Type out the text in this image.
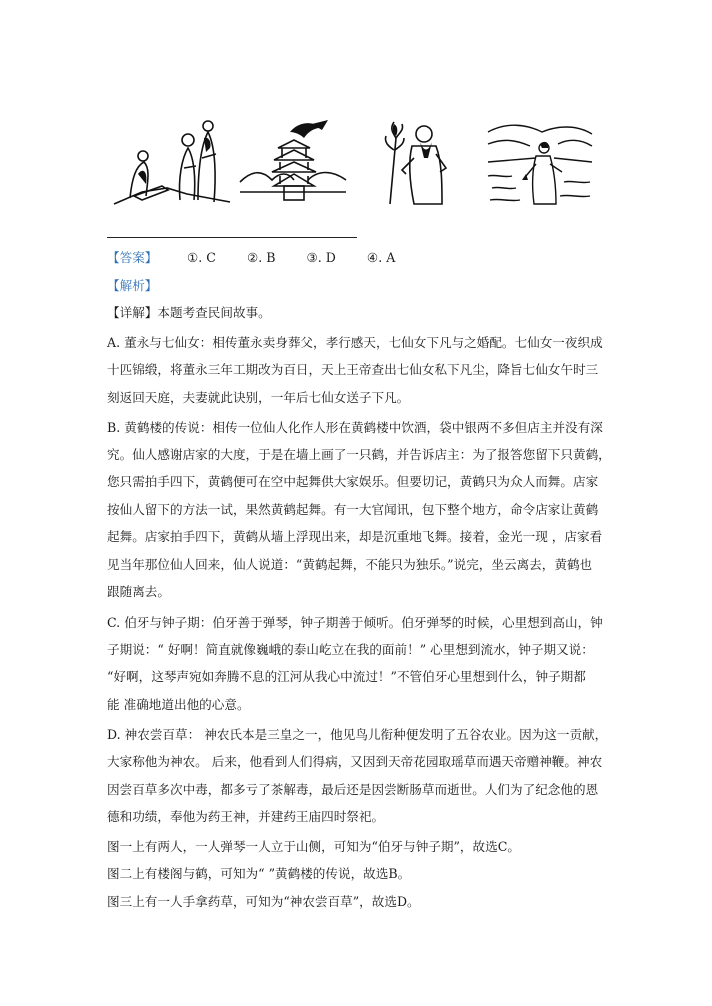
【答案】 ①. C ②. B ③. D ④. A
【解析】
【详解】本题考查民间故事。
A. 董永与七仙女：相传董永卖身葬父，孝行感天，七仙女下凡与之婚配。七仙女一夜织成
十匹锦缎，将董永三年工期改为百日，天上王帝查出七仙女私下凡尘，降旨七仙女午时三
刻返回天庭，夫妻就此诀别，一年后七仙女送子下凡。
B. 黄鹤楼的传说：相传一位仙人化作人形在黄鹤楼中饮酒，袋中银两不多但店主并没有深
究。仙人感谢店家的大度，于是在墙上画了一只鹤，并告诉店主：为了报答您留下只黄鹤，
您只需拍手四下，黄鹤便可在空中起舞供大家娱乐。但要切记，黄鹤只为众人而舞。店家
按仙人留下的方法一试，果然黄鹤起舞。有一大官闻讯，包下整个地方，命令店家让黄鹤
起舞。店家拍手四下，黄鹤从墙上浮现出来，却是沉重地飞舞。接着，金光一现 ，店家看
见当年那位仙人回来，仙人说道：“黄鹤起舞，不能只为独乐。”说完，坐云离去，黄鹤也
跟随离去。
C. 伯牙与钟子期：伯牙善于弹琴，钟子期善于倾听。伯牙弹琴的时候，心里想到高山，钟
子期说：“ 好啊！简直就像巍峨的泰山屹立在我的面前！” 心里想到流水，钟子期又说：
“好啊，这琴声宛如奔腾不息的江河从我心中流过！”不管伯牙心里想到什么，钟子期都
能 准确地道出他的心意。
D. 神农尝百草： 神农氏本是三皇之一，他见鸟儿衔种便发明了五谷农业。因为这一贡献，
大家称他为神农。 后来，他看到人们得病，又因到天帝花园取瑶草而遇天帝赠神鞭。神农
因尝百草多次中毒，都多亏了茶解毒，最后还是因尝断肠草而逝世。人们为了纪念他的恩
德和功绩，奉他为药王神，并建药王庙四时祭祀。
图一上有两人，一人弹琴一人立于山侧，可知为“伯牙与钟子期”，故选C。
图二上有楼阁与鹤，可知为“ ”黄鹤楼的传说，故选B。
图三上有一人手拿药草，可知为“神农尝百草”，故选D。
